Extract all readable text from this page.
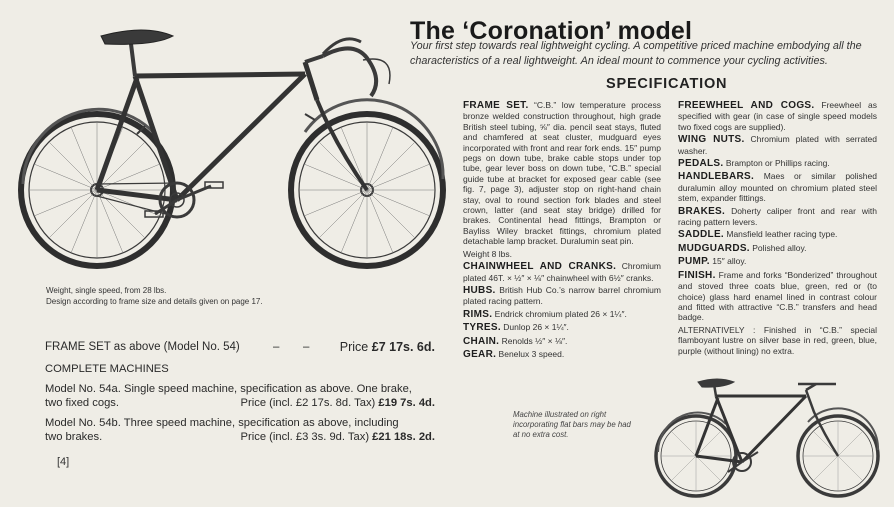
The ‘Coronation’ model
Your first step towards real lightweight cycling. A competitive priced machine embodying all the characteristics of a real lightweight. An ideal mount to commence your cycling activities.
SPECIFICATION

FRAME SET. “C.B.” low temperature process bronze welded construction throughout, high grade British steel tubing, ⅝″ dia. pencil seat stays, fluted and chamfered at seat cluster, mudguard eyes incorporated with front and rear fork ends. 15″ pump pegs on down tube, brake cable stops under top tube, gear lever boss on down tube, “C.B.” special guide tube at bracket for exposed gear cable (see fig. 7, page 3), adjuster stop on right-hand chain stay, oval to round section fork blades and steel crown, latter (and seat stay bridge) drilled for brakes. Continental head fittings, Brampton or Bayliss Wiley bracket fittings, chromium plated detachable lamp bracket. Duralumin seat pin.

Weight 8 lbs.

CHAINWHEEL AND CRANKS. Chromium plated 46T. × ½″ × ⅛″ chainwheel with 6½″ cranks.

HUBS. British Hub Co.’s narrow barrel chromium plated racing pattern.

RIMS. Endrick chromium plated 26 × 1¼″.

TYRES. Dunlop 26 × 1¼″.

CHAIN. Renolds ½″ × ⅛″.

GEAR. Benelux 3 speed.

FREEWHEEL AND COGS. Freewheel as specified with gear (in case of single speed models two fixed cogs are supplied).

WING NUTS. Chromium plated with serrated washer.

PEDALS. Brampton or Phillips racing.

HANDLEBARS. Maes or similar polished duralumin alloy mounted on chromium plated steel stem, expander fittings.

BRAKES. Doherty caliper front and rear with racing pattern levers.

SADDLE. Mansfield leather racing type.

MUDGUARDS. Polished alloy.

PUMP. 15″ alloy.

FINISH. Frame and forks “Bonderized” throughout and stoved three coats blue, green, red or (to choice) glass hard enamel lined in contrast colour and fitted with attractive “C.B.” transfers and head badge.

ALTERNATIVELY : Finished in “C.B.” special flamboyant lustre on silver base in red, green, blue, purple (without lining) no extra.

Weight, single speed, from 28 lbs.

Design according to frame size and details given on page 17.

FRAME SET as above (Model No. 54)	– – Price £7 17s. 6d.
COMPLETE MACHINES
Model No. 54a. Single speed machine, specification as above. One brake,
two fixed cogs.	Price (incl. £2 17s. 8d. Tax) £19 7s. 4d.
Model No. 54b. Three speed machine, specification as above, including
two brakes.	Price (incl. £3 3s. 9d. Tax) £21 18s. 2d.
[4]
Machine illustrated on right incorporating flat bars may be had at no extra cost.
